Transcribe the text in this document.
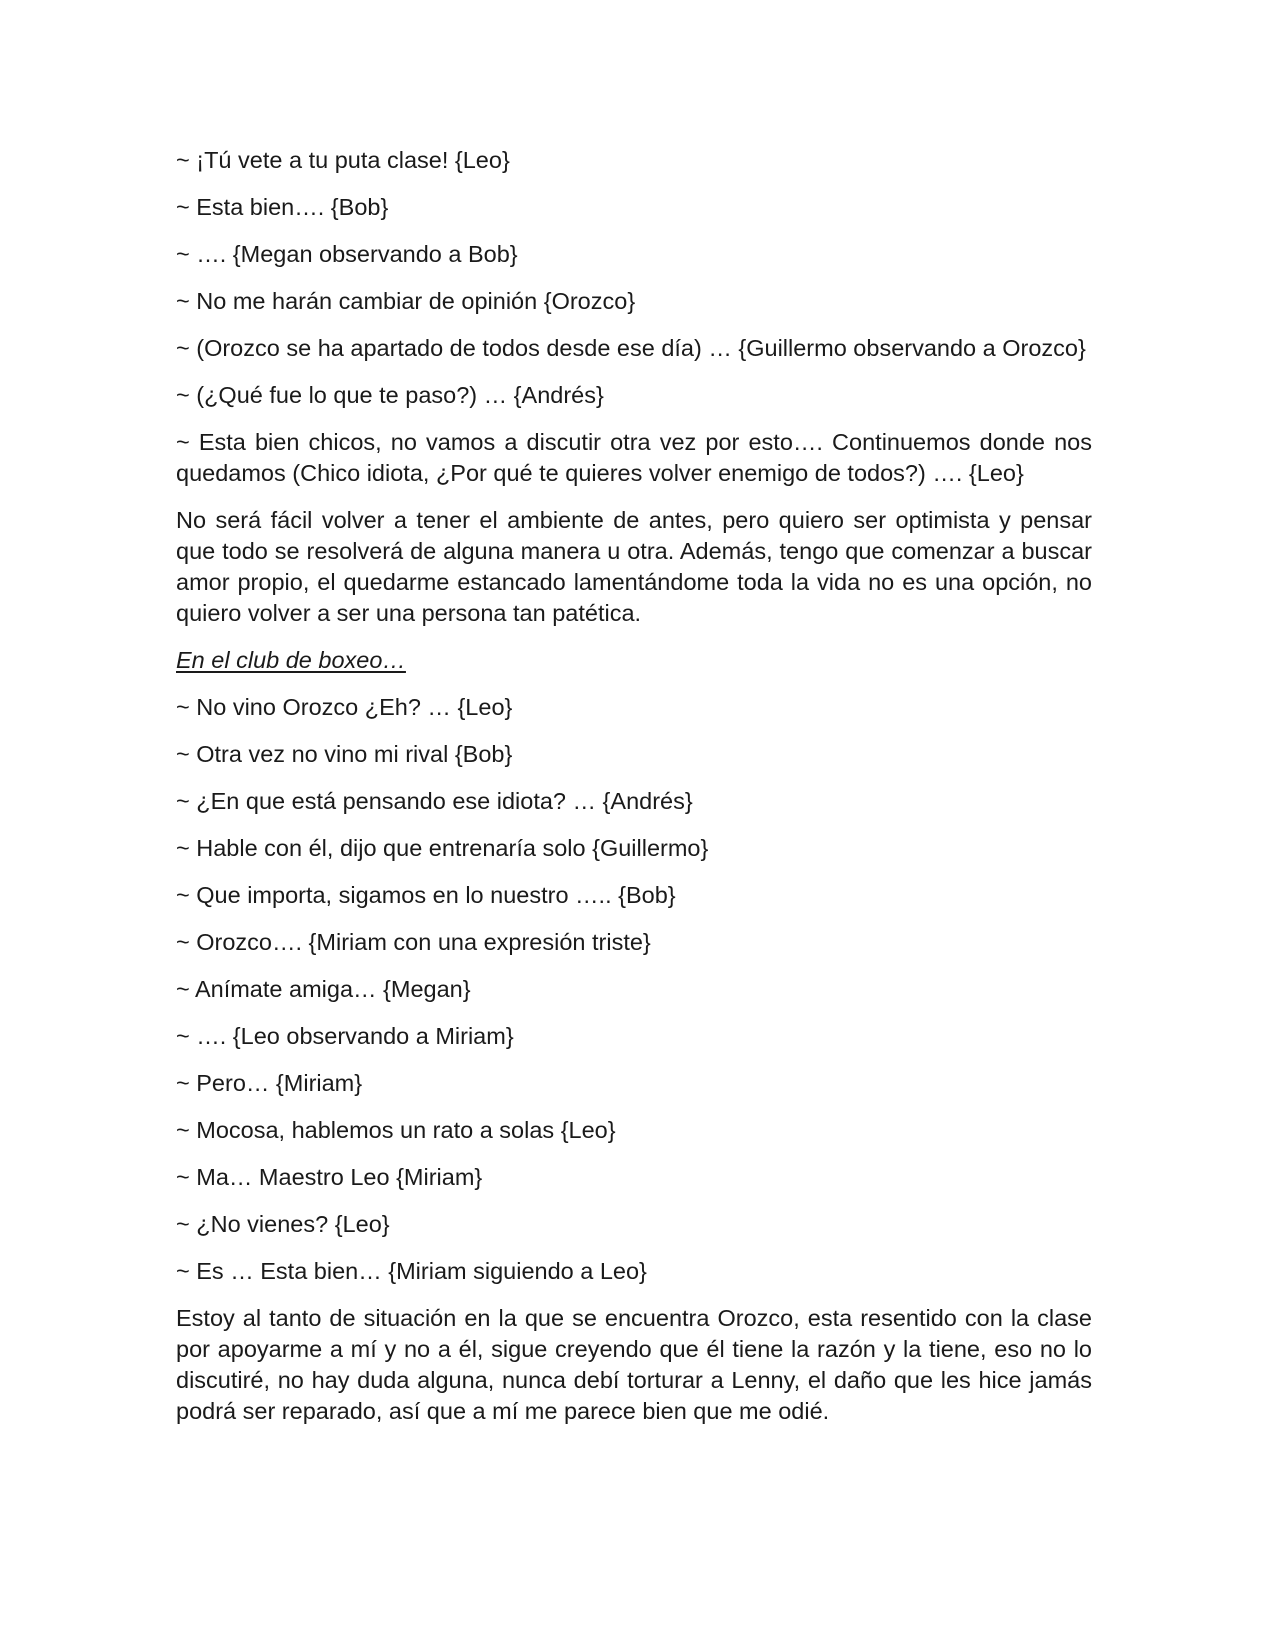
~ ¡Tú vete a tu puta clase! {Leo}

~ Esta bien…. {Bob}

~ …. {Megan observando a Bob}

~ No me harán cambiar de opinión {Orozco}

~ (Orozco se ha apartado de todos desde ese día) … {Guillermo observando a Orozco}

~ (¿Qué fue lo que te paso?) … {Andrés}

~ Esta bien chicos, no vamos a discutir otra vez por esto…. Continuemos donde nos quedamos (Chico idiota, ¿Por qué te quieres volver enemigo de todos?) …. {Leo}

No será fácil volver a tener el ambiente de antes, pero quiero ser optimista y pensar que todo se resolverá de alguna manera u otra. Además, tengo que comenzar a buscar amor propio, el quedarme estancado lamentándome toda la vida no es una opción, no quiero volver a ser una persona tan patética.

En el club de boxeo…

~ No vino Orozco ¿Eh? … {Leo}

~ Otra vez no vino mi rival {Bob}

~ ¿En que está pensando ese idiota? … {Andrés}

~ Hable con él, dijo que entrenaría solo {Guillermo}

~ Que importa, sigamos en lo nuestro ….. {Bob}

~ Orozco…. {Miriam con una expresión triste}

~ Anímate amiga… {Megan}

~ …. {Leo observando a Miriam}

~ Pero… {Miriam}

~ Mocosa, hablemos un rato a solas {Leo}

~ Ma… Maestro Leo {Miriam}

~ ¿No vienes? {Leo}

~ Es … Esta bien… {Miriam siguiendo a Leo}

Estoy al tanto de situación en la que se encuentra Orozco, esta resentido con la clase por apoyarme a mí y no a él, sigue creyendo que él tiene la razón y la tiene, eso no lo discutiré, no hay duda alguna, nunca debí torturar a Lenny, el daño que les hice jamás podrá ser reparado, así que a mí me parece bien que me odié.
